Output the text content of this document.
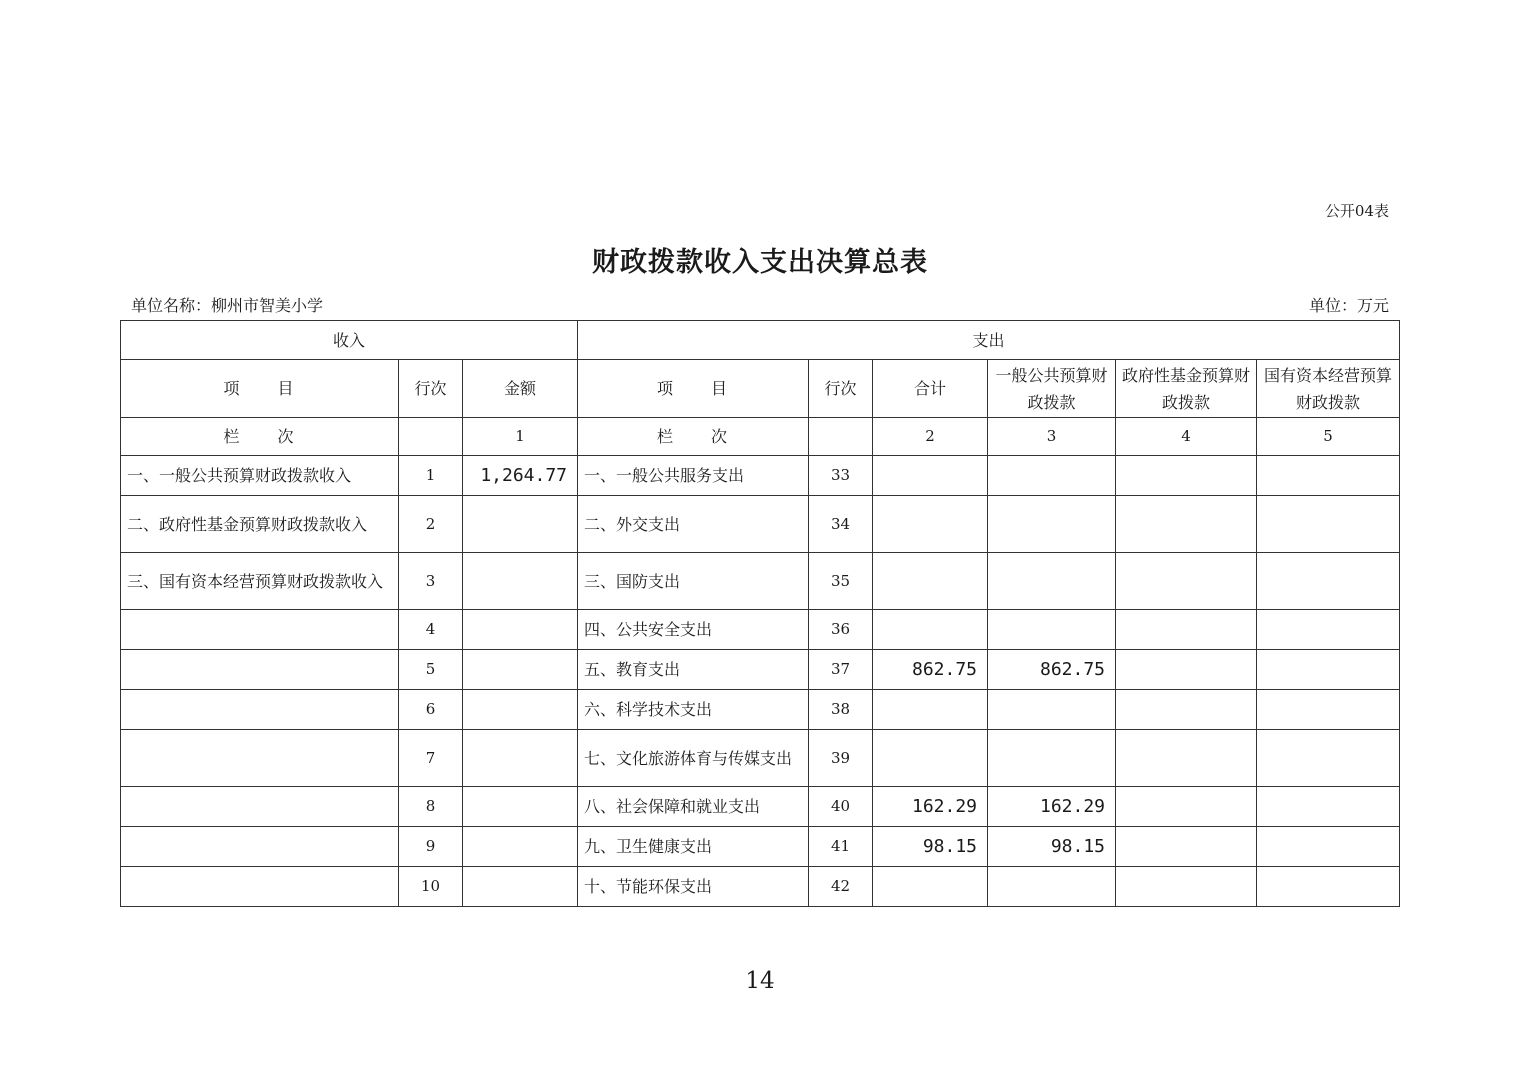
公开04表
财政拨款收入支出决算总表
单位名称：柳州市智美小学	单位：万元
收入			支出					
项　　目	行次	金额	项　　目	行次	合计	一般公共预算财政拨款	政府性基金预算财政拨款	国有资本经营预算财政拨款
栏　　次		1	栏　　次		2	3	4	5
一、一般公共预算财政拨款收入	1	1,264.77	一、一般公共服务支出	33				
二、政府性基金预算财政拨款收入	2		二、外交支出	34				
三、国有资本经营预算财政拨款收入	3		三、国防支出	35				
	4		四、公共安全支出	36				
	5		五、教育支出	37	862.75	862.75		
	6		六、科学技术支出	38				
	7		七、文化旅游体育与传媒支出	39				
	8		八、社会保障和就业支出	40	162.29	162.29		
	9		九、卫生健康支出	41	98.15	98.15		
	10		十、节能环保支出	42				
14
